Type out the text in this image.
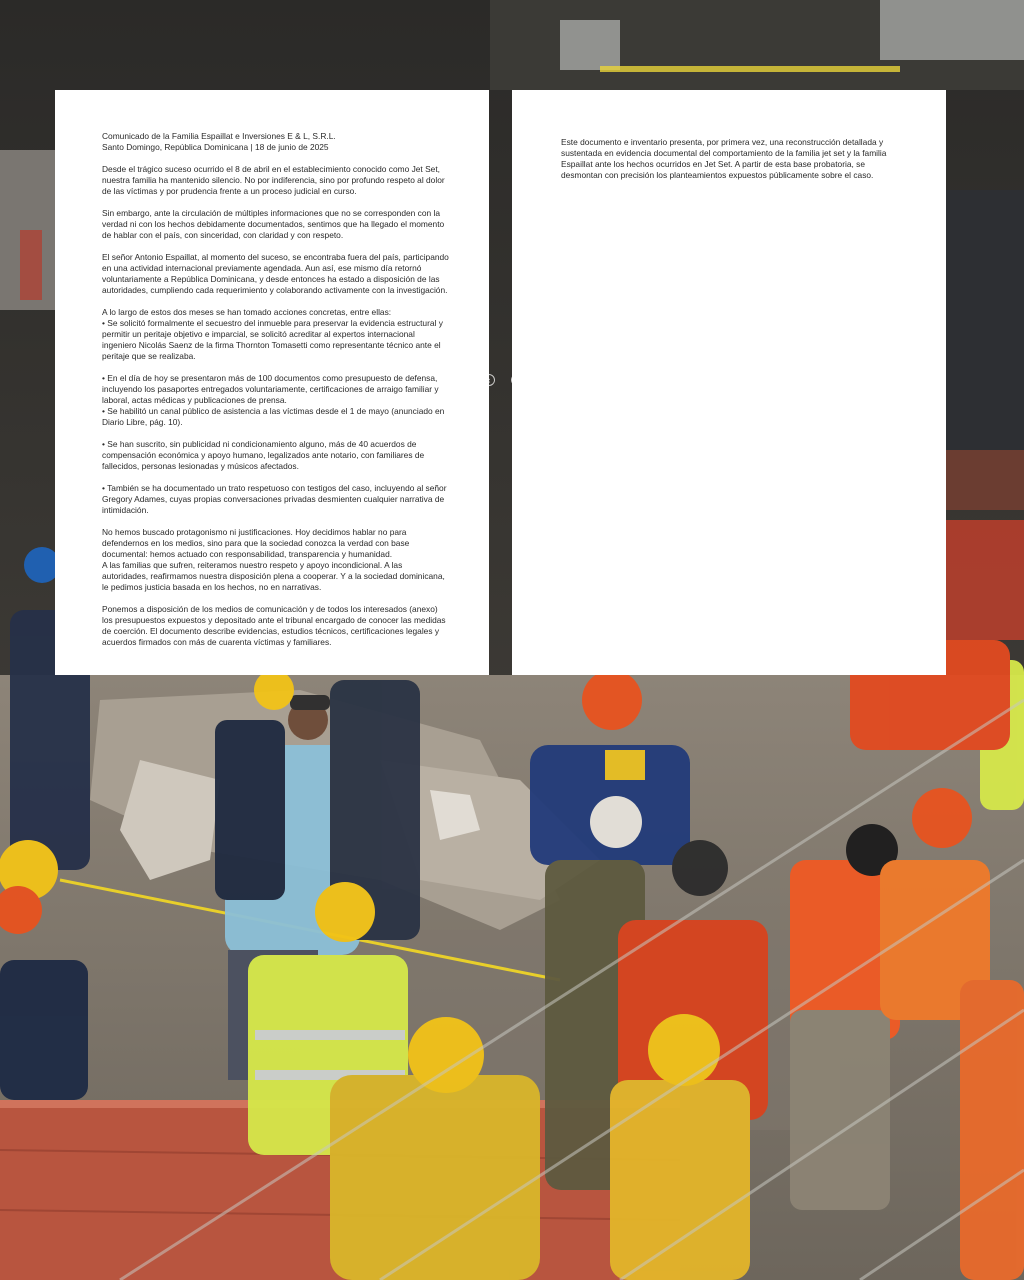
Comunicado de la Familia Espaillat e Inversiones E & L, S.R.L.
Santo Domingo, República Dominicana | 18 de junio de 2025

Desde el trágico suceso ocurrido el 8 de abril en el establecimiento conocido como Jet Set, nuestra familia ha mantenido silencio. No por indiferencia, sino por profundo respeto al dolor de las víctimas y por prudencia frente a un proceso judicial en curso.

Sin embargo, ante la circulación de múltiples informaciones que no se corresponden con la verdad ni con los hechos debidamente documentados, sentimos que ha llegado el momento de hablar con el país, con sinceridad, con claridad y con respeto.

El señor Antonio Espaillat, al momento del suceso, se encontraba fuera del país, participando en una actividad internacional previamente agendada. Aun así, ese mismo día retornó voluntariamente a República Dominicana, y desde entonces ha estado a disposición de las autoridades, cumpliendo cada requerimiento y colaborando activamente con la investigación.

A lo largo de estos dos meses se han tomado acciones concretas, entre ellas:
• Se solicitó formalmente el secuestro del inmueble para preservar la evidencia estructural y permitir un peritaje objetivo e imparcial, se solicitó acreditar al expertos internacional ingeniero Nicolás Saenz de la firma Thornton Tomasetti como representante técnico ante el peritaje que se realizaba.

• En el día de hoy se presentaron más de 100 documentos como presupuesto de defensa, incluyendo los pasaportes entregados voluntariamente, certificaciones de arraigo familiar y laboral, actas médicas y publicaciones de prensa.
• Se habilitó un canal público de asistencia a las víctimas desde el 1 de mayo (anunciado en Diario Libre, pág. 10).

• Se han suscrito, sin publicidad ni condicionamiento alguno, más de 40 acuerdos de compensación económica y apoyo humano, legalizados ante notario, con familiares de fallecidos, personas lesionadas y músicos afectados.

• También se ha documentado un trato respetuoso con testigos del caso, incluyendo al señor Gregory Adames, cuyas propias conversaciones privadas desmienten cualquier narrativa de intimidación.

No hemos buscado protagonismo ni justificaciones. Hoy decidimos hablar no para defendernos en los medios, sino para que la sociedad conozca la verdad con base documental: hemos actuado con responsabilidad, transparencia y humanidad.
A las familias que sufren, reiteramos nuestro respeto y apoyo incondicional. A las autoridades, reafirmamos nuestra disposición plena a cooperar. Y a la sociedad dominicana, le pedimos justicia basada en los hechos, no en narrativas.

Ponemos a disposición de los medios de comunicación y de todos los interesados (anexo) los presupuestos expuestos y depositado ante el tribunal encargado de conocer las medidas de coerción. El documento describe evidencias, estudios técnicos, certificaciones legales y acuerdos firmados con más de cuarenta víctimas y familiares.

Este documento e inventario presenta, por primera vez, una reconstrucción detallada y sustentada en evidencia documental del comportamiento de la familia jet set y la familia Espaillat ante los hechos ocurridos en Jet Set. A partir de esta base probatoria, se desmontan con precisión los planteamientos expuestos públicamente sobre el caso.

‹	‹
